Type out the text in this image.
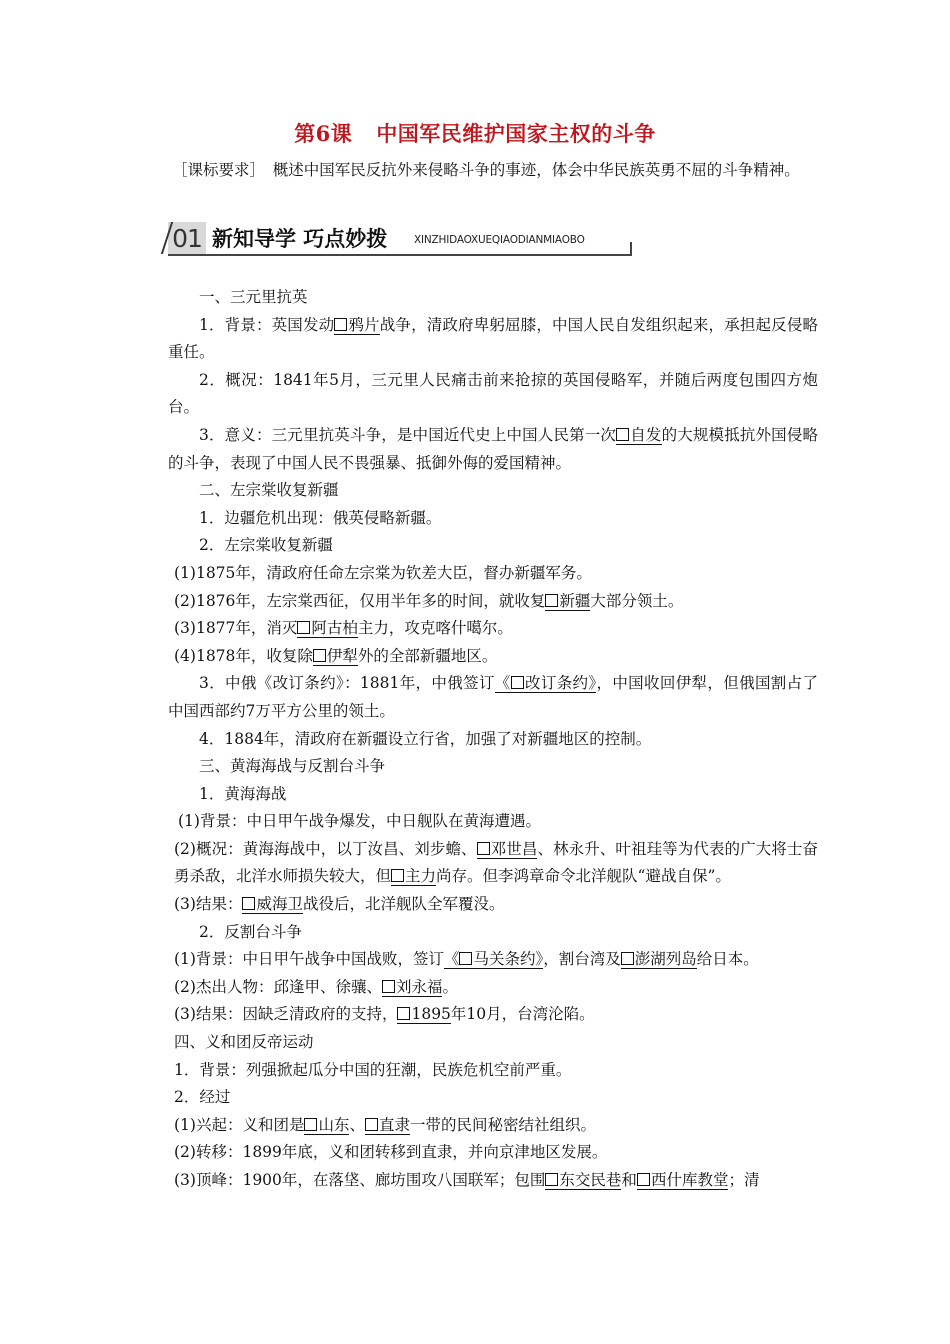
第6课 中国军民维护国家主权的斗争
［课标要求］　 概述中国军民反抗外来侵略斗争的事迹，体会中华民族英勇不屈的斗争精神。
01 新知导学 巧点妙拨	XINZHIDAOXUEQIAODIANMIAOBO

一、三元里抗英

1．背景：英国发动 鸦片战争，清政府卑躬屈膝，中国人民自发组织起来，承担起反侵略重任。

2．概况：1841年5月，三元里人民痛击前来抢掠的英国侵略军，并随后两度包围四方炮台。

3．意义：三元里抗英斗争，是中国近代史上中国人民第一次 自发的大规模抵抗外国侵略的斗争，表现了中国人民不畏强暴、抵御外侮的爱国精神。

二、左宗棠收复新疆

1．边疆危机出现：俄英侵略新疆。

2．左宗棠收复新疆

(1)1875年，清政府任命左宗棠为钦差大臣，督办新疆军务。

(2)1876年，左宗棠西征，仅用半年多的时间，就收复 新疆大部分领土。

(3)1877年，消灭 阿古柏主力，攻克喀什噶尔。

(4)1878年，收复除 伊犁外的全部新疆地区。

3．中俄《改订条约》：1881年，中俄签订《 改订条约》，中国收回伊犁，但俄国割占了中国西部约7万平方公里的领土。

4．1884年，清政府在新疆设立行省，加强了对新疆地区的控制。

三、黄海海战与反割台斗争

1．黄海海战

(1)背景：中日甲午战争爆发，中日舰队在黄海遭遇。

(2)概况：黄海海战中，以丁汝昌、刘步蟾、 邓世昌、林永升、叶祖珪等为代表的广大将士奋勇杀敌，北洋水师损失较大，但 主力尚存。但李鸿章命令北洋舰队“避战自保”。

(3)结果： 威海卫战役后，北洋舰队全军覆没。

2．反割台斗争

(1)背景：中日甲午战争中国战败，签订《 马关条约》，割台湾及 澎湖列岛给日本。

(2)杰出人物：邱逢甲、徐骧、 刘永福。

(3)结果：因缺乏清政府的支持， 1895年10月，台湾沦陷。

四、义和团反帝运动

1．背景：列强掀起瓜分中国的狂潮，民族危机空前严重。

2．经过

(1)兴起：义和团是 山东、 直隶一带的民间秘密结社组织。

(2)转移：1899年底，义和团转移到直隶，并向京津地区发展。

(3)顶峰：1900年，在落垡、廊坊围攻八国联军；包围 东交民巷和 西什库教堂；清
